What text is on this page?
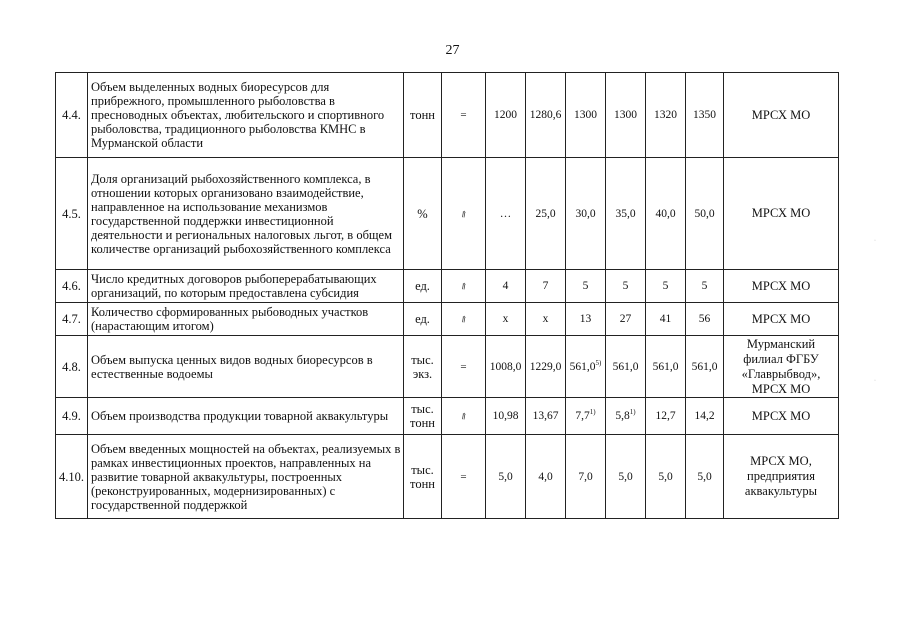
27
4.4.	Объем выделенных водных биоресурсов для прибрежного, промышленного рыболовства в пресноводных объектах, любительского и спортивного рыболовства, традиционного рыболовства КМНС в Мурманской области	тонн	=	1200	1280,6	1300	1300	1320	1350	МРСХ МО
4.5.	Доля организаций рыбохозяйственного комплекса, в отношении которых организовано взаимодействие, направленное на использование механизмов государственной поддержки инвестиционной деятельности и региональных налоговых льгот, в общем количестве организаций рыбохозяйственного комплекса	%	⇗	…	25,0	30,0	35,0	40,0	50,0	МРСХ МО
4.6.	Число кредитных договоров рыбоперерабатывающих организаций, по которым предоставлена субсидия	ед.	⇗	4	7	5	5	5	5	МРСХ МО
4.7.	Количество сформированных рыбоводных участков (нарастающим итогом)	ед.	⇗	х	х	13	27	41	56	МРСХ МО
4.8.	Объем выпуска ценных видов водных биоресурсов в естественные водоемы	тыс. экз.	=	1008,0	1229,0	561,0$^{5)}$	561,0	561,0	561,0	Мурманский филиал ФГБУ «Главрыбвод», МРСХ МО
4.9.	Объем производства продукции товарной аквакультуры	тыс. тонн	⇗	10,98	13,67	7,7$^{1)}$	5,8$^{1)}$	12,7	14,2	МРСХ МО
4.10.	Объем введенных мощностей на объектах, реализуемых в рамках инвестиционных проектов, направленных на развитие товарной аквакультуры, построенных (реконструированных, модернизированных) с государственной поддержкой	тыс. тонн	=	5,0	4,0	7,0	5,0	5,0	5,0	МРСХ МО, предприятия аквакультуры
·
·
